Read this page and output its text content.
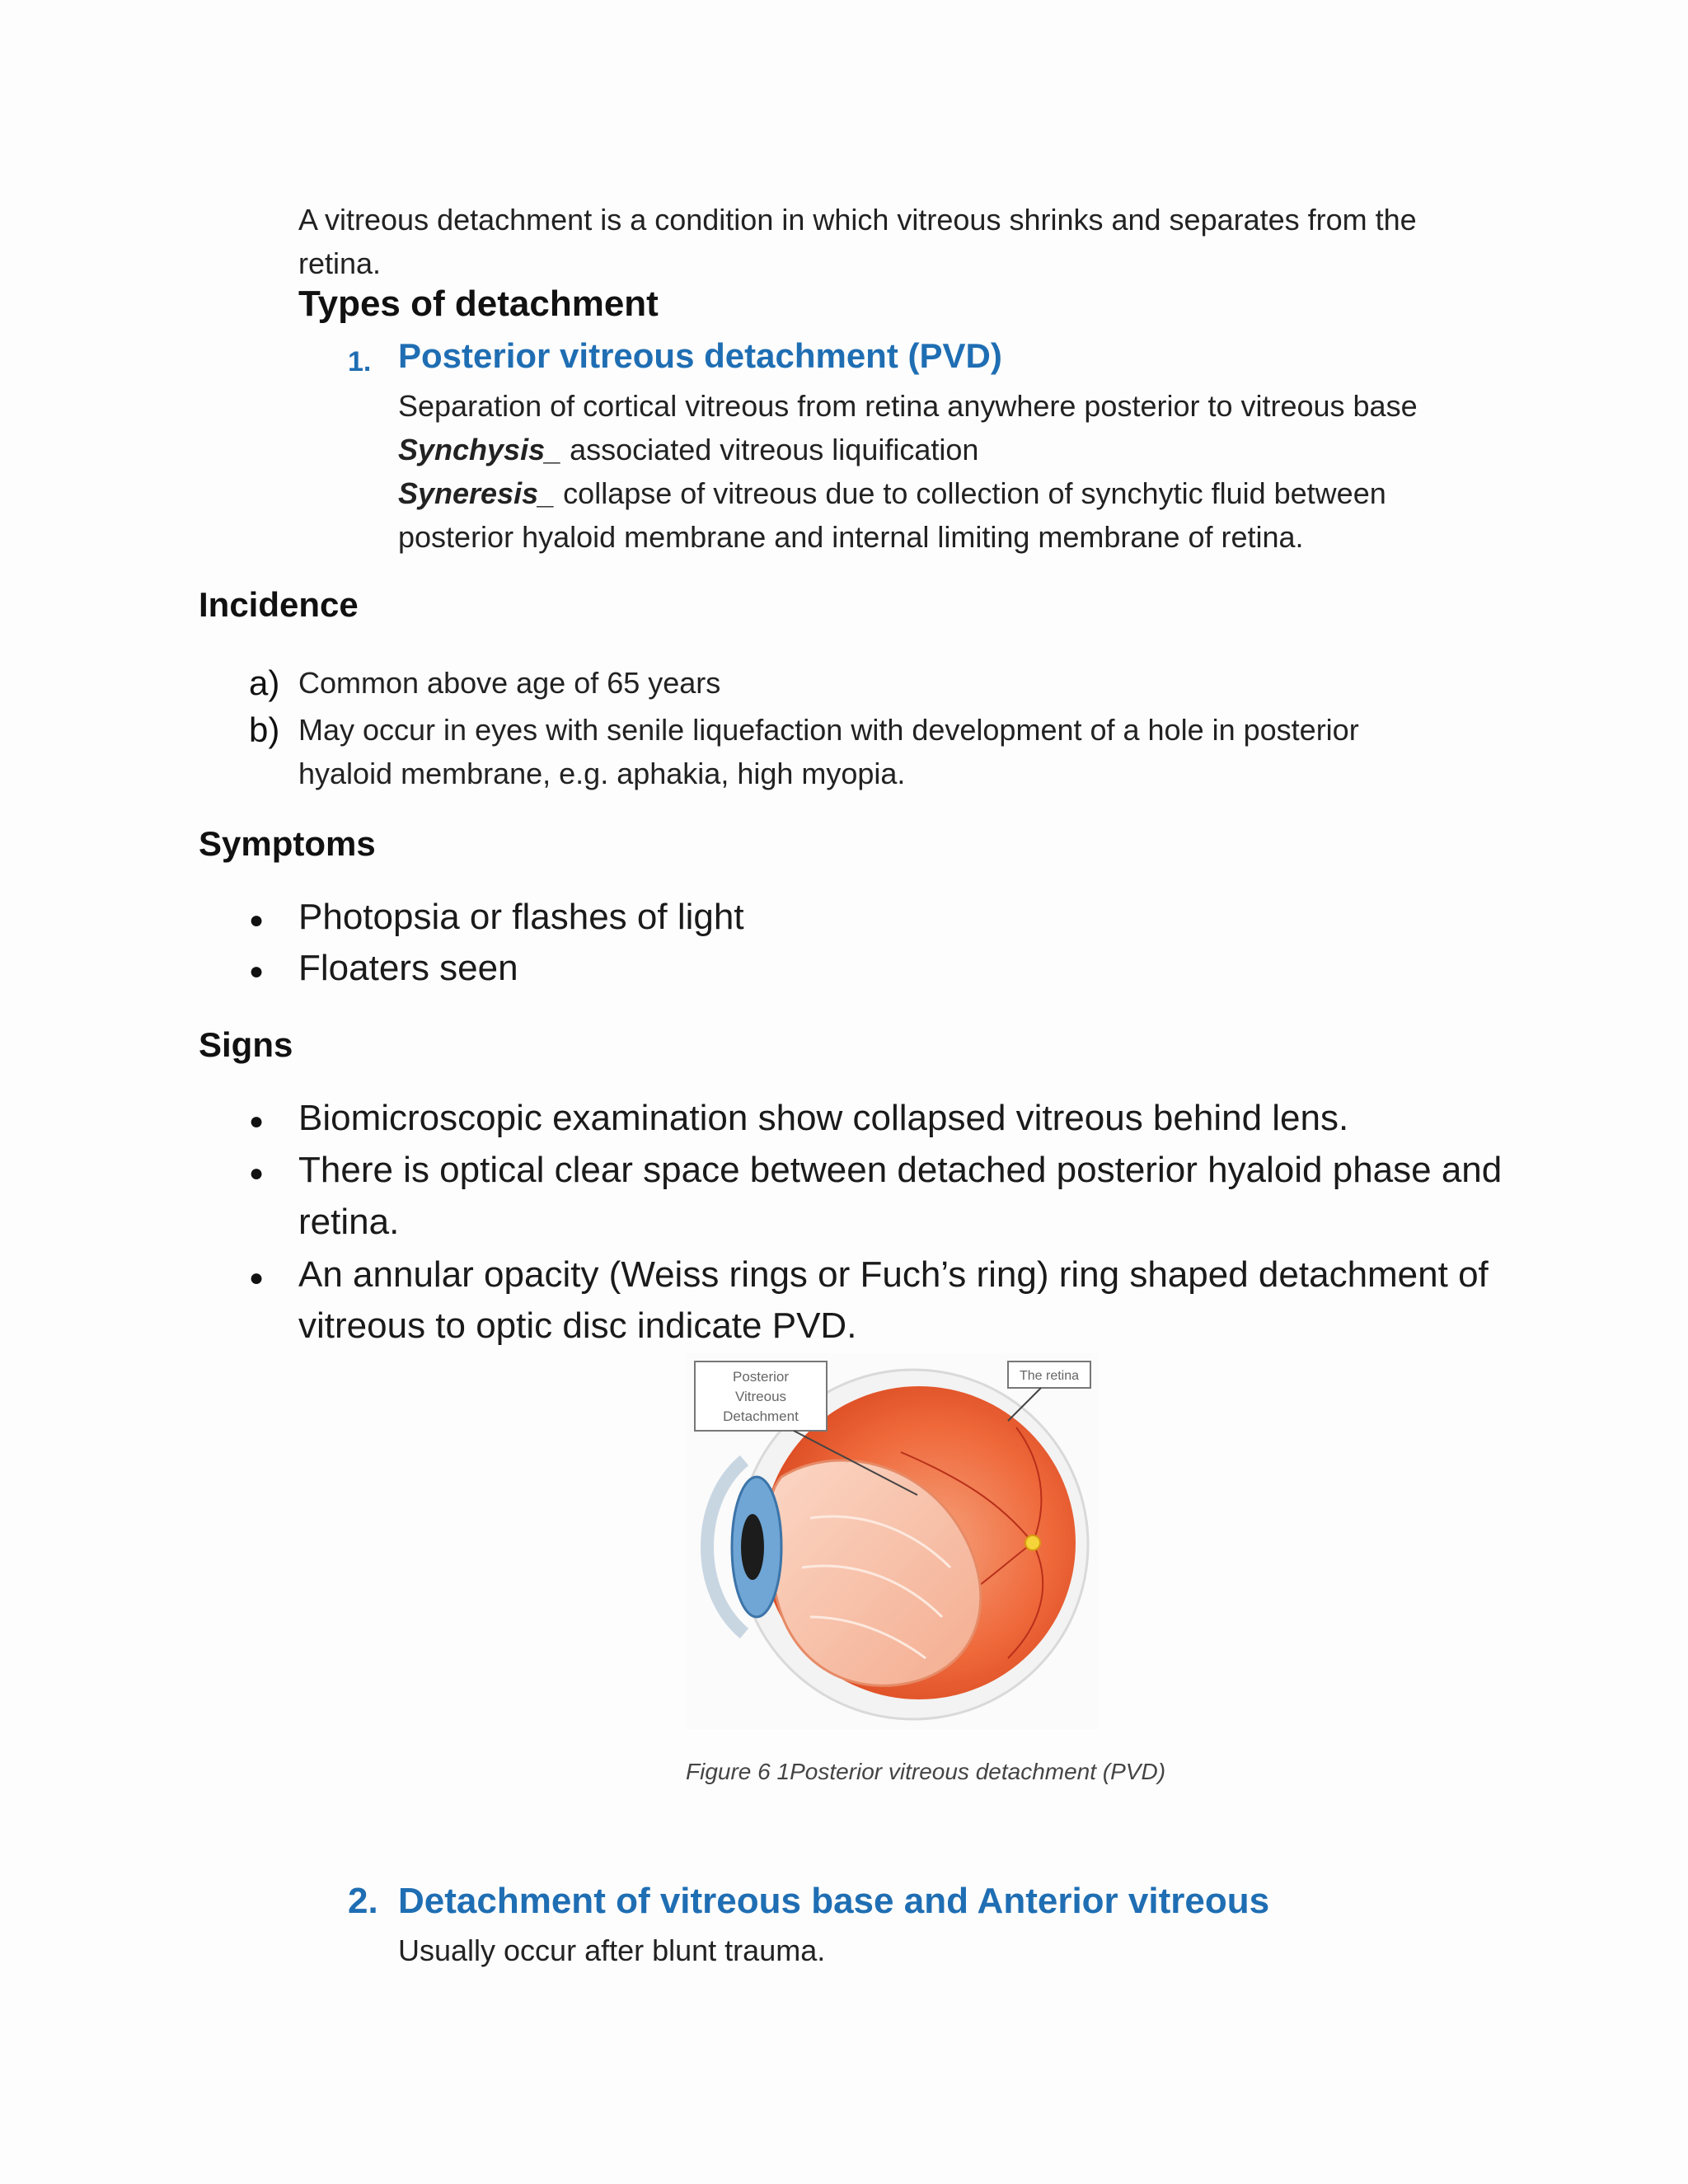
A vitreous detachment is a condition in which vitreous shrinks and separates from the retina.
Types of detachment
1. Posterior vitreous detachment (PVD)
Separation of cortical vitreous from retina anywhere posterior to vitreous base
Synchysis_ associated vitreous liquification
Syneresis_ collapse of vitreous due to collection of synchytic fluid between
posterior hyaloid membrane and internal limiting membrane of retina.
Incidence
a) Common above age of 65 years
b) May occur in eyes with senile liquefaction with development of a hole in posterior
hyaloid membrane, e.g. aphakia, high myopia.
Symptoms
● Photopsia or flashes of light
● Floaters seen
Signs
● Biomicroscopic examination show collapsed vitreous behind lens.
● There is optical clear space between detached posterior hyaloid phase and
retina.
● An annular opacity (Weiss rings or Fuch’s ring) ring shaped detachment of
vitreous to optic disc indicate PVD.
Posterior
Vitreous
Detachment
The retina
Figure 6 1Posterior vitreous detachment (PVD)
2. Detachment of vitreous base and Anterior vitreous
Usually occur after blunt trauma.
